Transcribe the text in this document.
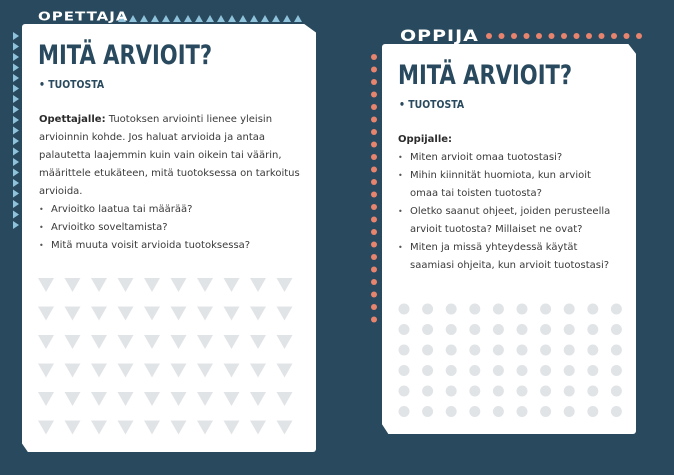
OPETTAJA
MITÄ ARVIOIT?
• TUOTOSTA
Opettajalle: Tuotoksen arviointi lienee yleisin arvioinnin kohde. Jos haluat arvioida ja antaa palautetta laajemmin kuin vain oikein tai väärin, määrittele etukäteen, mitä tuotoksessa on tarkoitus arvioida.
• Arvioitko laatua tai määrää?
• Arvioitko soveltamista?
• Mitä muuta voisit arvioida tuotoksessa?
OPPIJA
MITÄ ARVIOIT?
• TUOTOSTA
Oppijalle:
• Miten arvioit omaa tuotostasi?
• Mihin kiinnität huomiota, kun arvioit omaa tai toisten tuotosta?
• Oletko saanut ohjeet, joiden perusteella arvioit tuotosta? Millaiset ne ovat?
• Miten ja missä yhteydessä käytät saamiasi ohjeita, kun arvioit tuotostasi?
